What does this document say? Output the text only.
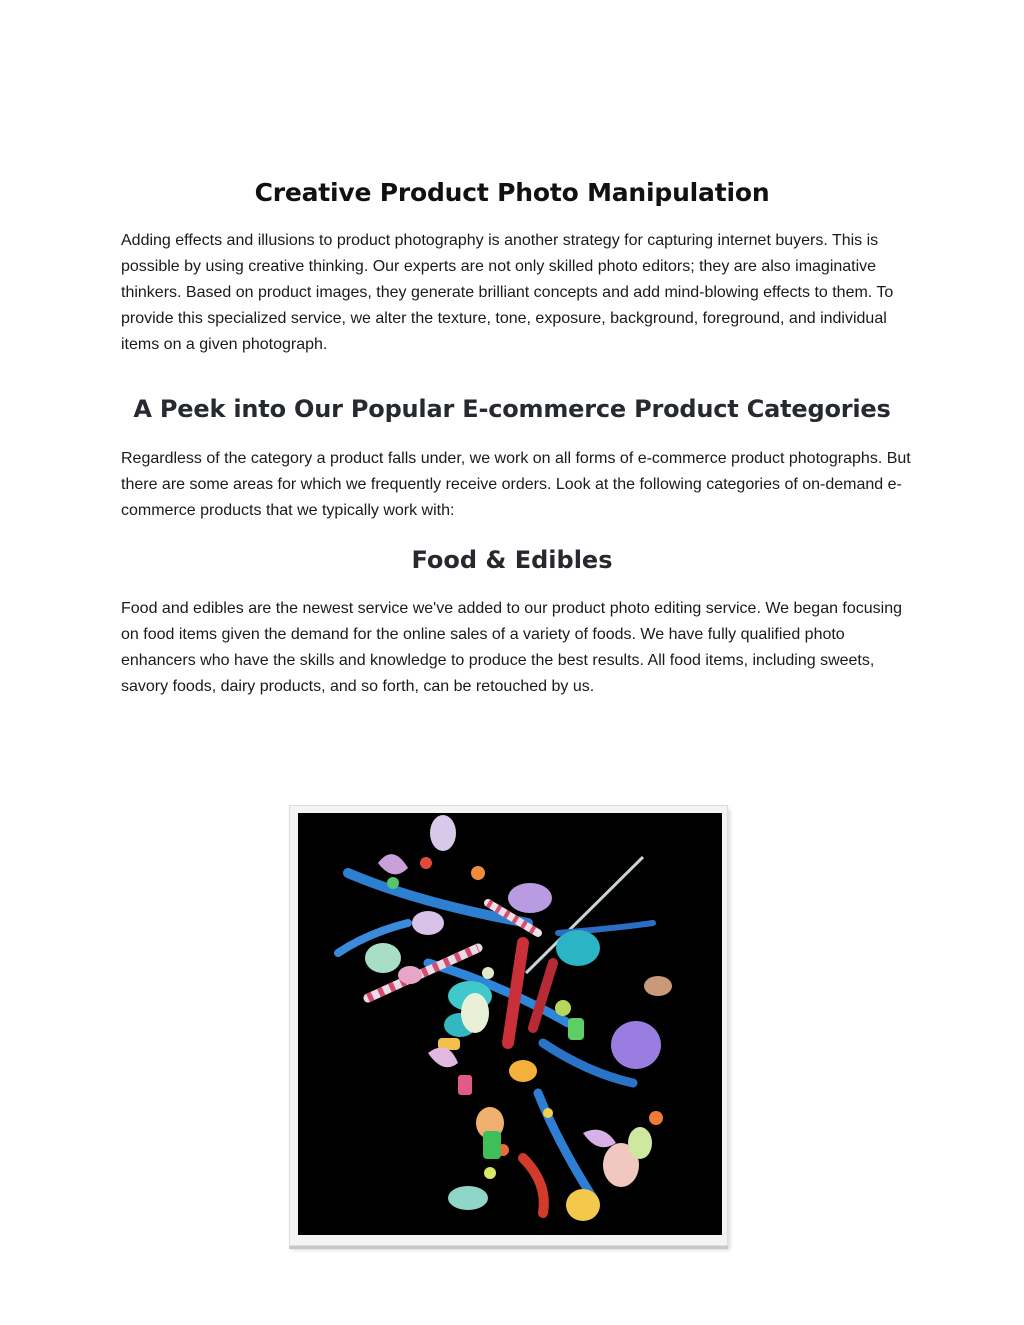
Creative Product Photo Manipulation

Adding effects and illusions to product photography is another strategy for capturing internet buyers. This is possible by using creative thinking. Our experts are not only skilled photo editors; they are also imaginative thinkers. Based on product images, they generate brilliant concepts and add mind-blowing effects to them. To provide this specialized service, we alter the texture, tone, exposure, background, foreground, and individual items on a given photograph.

A Peek into Our Popular E-commerce Product Categories

Regardless of the category a product falls under, we work on all forms of e-commerce product photographs. But there are some areas for which we frequently receive orders. Look at the following categories of on-demand e-commerce products that we typically work with:

Food & Edibles

Food and edibles are the newest service we've added to our product photo editing service. We began focusing on food items given the demand for the online sales of a variety of foods. We have fully qualified photo enhancers who have the skills and knowledge to produce the best results. All food items, including sweets, savory foods, dairy products, and so forth, can be retouched by us.
